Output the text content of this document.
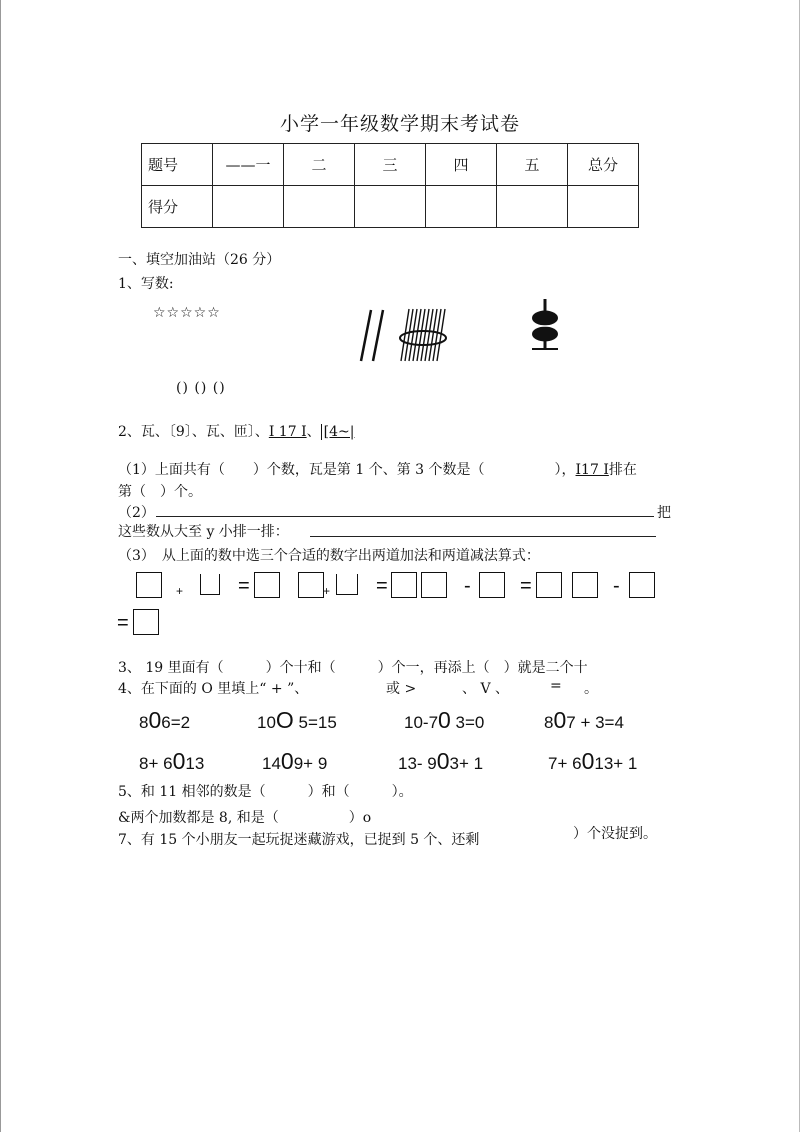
小学一年级数学期末考试卷
题号	——一	二	三	四	五	总分
得分						
一、填空加油站（26 分）
1、写数:
☆☆☆☆☆
() () ()
2、瓦、〔9〕、瓦、匝〕、I 17 I、 [4~|
（1）上面共有（　　）个数，瓦是第 1 个、第 3 个数是（　　　　　），I17 I排在
第（　）个。
（2）	把
这些数从大至 y 小排一排：
（3）　从上面的数中选三个合适的数字出两道加法和两道减法算式：
+	=	+ =	- =	-
=
3、 19 里面有（　　　）个十和（　　　）个一，再添上（　）就是二个十
4、在下面的 O 里填上“ + ”、	或 >	、 V 、	= 。
806=2	10O 5=15	10-70 3=0	807 + 3=4
8+ 6013	1409+ 9	13- 903+ 1	7+ 6013+ 1
5、和 11 相邻的数是（　　　）和（　　　）。
&两个加数都是 8, 和是（　　　　　）o
7、有 15 个小朋友一起玩捉迷藏游戏，已捉到 5 个、还剩	）个没捉到。
